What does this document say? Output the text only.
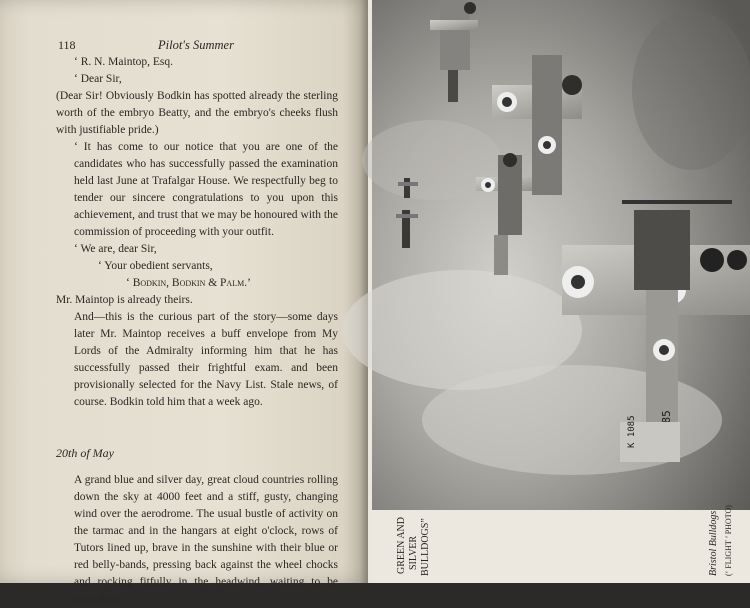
118	Pilot's Summer

‘ R. N. Maintop, Esq.

‘ Dear Sir,

(Dear Sir! Obviously Bodkin has spotted already the sterling worth of the embryo Beatty, and the embryo's cheeks flush with justifiable pride.)

‘ It has come to our notice that you are one of the candidates who has successfully passed the examination held last June at Trafalgar House. We respectfully beg to tender our sincere congratulations to you upon this achievement, and trust that we may be honoured with the commission of proceeding with your outfit.

‘ We are, dear Sir,

‘ Your obedient servants,

‘ Bodkin, Bodkin & Palm.’

Mr. Maintop is already theirs.

And—this is the curious part of the story—some days later Mr. Maintop receives a buff envelope from My Lords of the Admiralty informing him that he has successfully passed their frightful exam. and been provisionally selected for the Navy List. Stale news, of course. Bodkin told him that a week ago.

20th of May

A grand blue and silver day, great cloud countries rolling down the sky at 4000 feet and a stiff, gusty, changing wind over the aerodrome. The usual bustle of activity on the tarmac and in the hangars at eight o'clock, rows of Tutors lined up, brave in the sunshine with their blue or red belly-bands, pressing back against the wheel chocks and rocking fitfully in the headwind, waiting to be started up.

K 1085
GREEN AND SILVER BULLDOGS”	Bristol Bulldogs (‘ FLIGHT ’ PHOTO)
